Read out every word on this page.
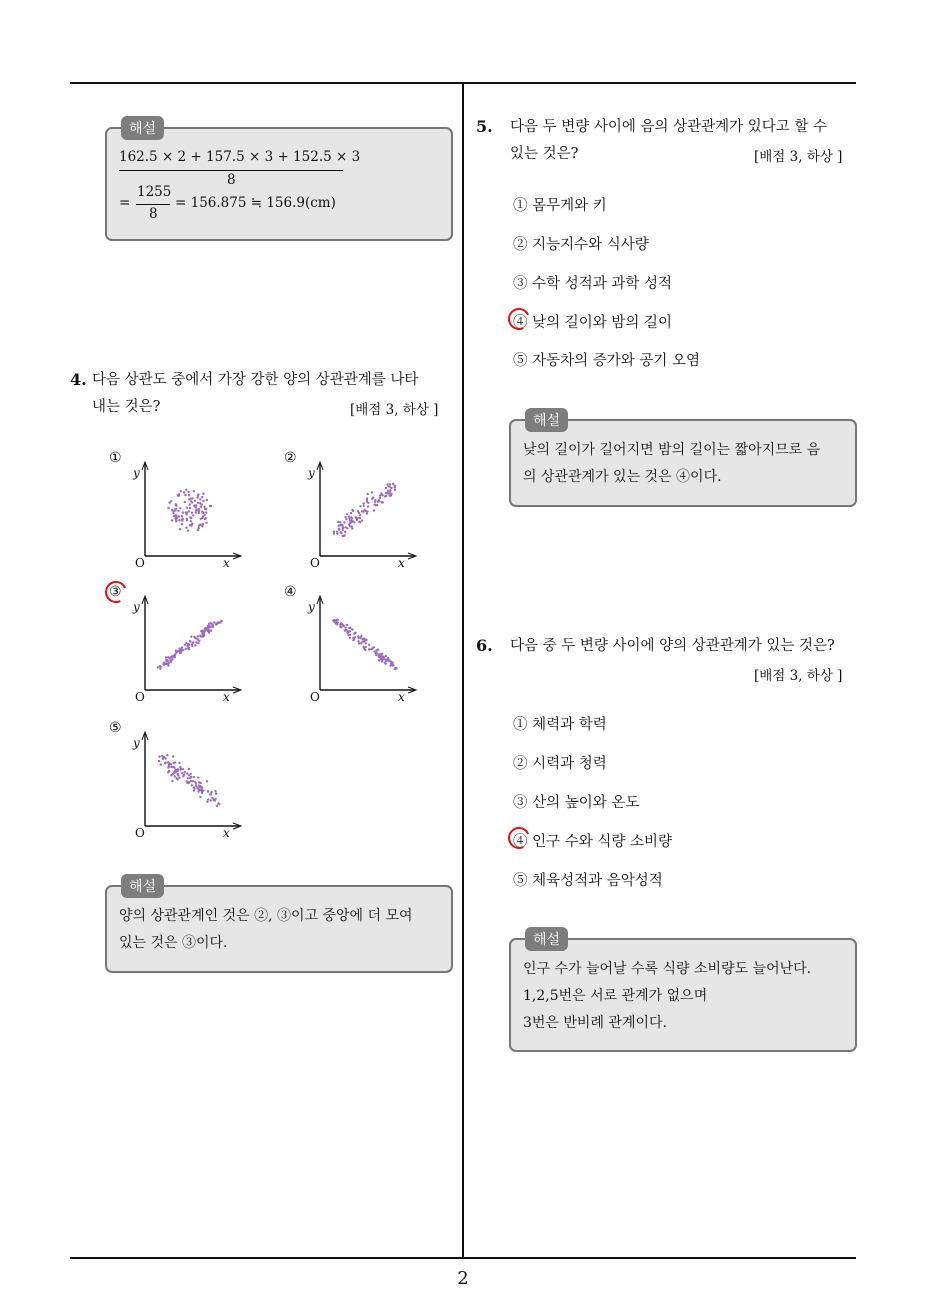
해설
162.5 × 2 + 157.5 × 3 + 152.5 × 3
8
=
1255
8
= 156.875 ≒ 156.9(cm)
4. 다음 상관도 중에서 가장 강한 양의 상관관계를 나타
내는 것은?	[배점 3, 하상 ]
①
y
x
O
②
y
x
O
③
y
x
O
④
y
x
O
⑤
y
x
O
해설
양의 상관관계인 것은 ②, ③이고 중앙에 더 모여
있는 것은 ③이다.
5. 다음 두 변량 사이에 음의 상관관계가 있다고 할 수
있는 것은?	[배점 3, 하상 ]
① 몸무게와 키
② 지능지수와 식사량
③ 수학 성적과 과학 성적
④ 낮의 길이와 밤의 길이
⑤ 자동차의 증가와 공기 오염
해설
낮의 길이가 길어지면 밤의 길이는 짧아지므로 음
의 상관관계가 있는 것은 ④이다.
6. 다음 중 두 변량 사이에 양의 상관관계가 있는 것은?
[배점 3, 하상 ]
① 체력과 학력
② 시력과 청력
③ 산의 높이와 온도
④ 인구 수와 식량 소비량
⑤ 체육성적과 음악성적
해설
인구 수가 늘어날 수록 식량 소비량도 늘어난다.
1,2,5번은 서로 관계가 없으며
3번은 반비례 관계이다.
2
